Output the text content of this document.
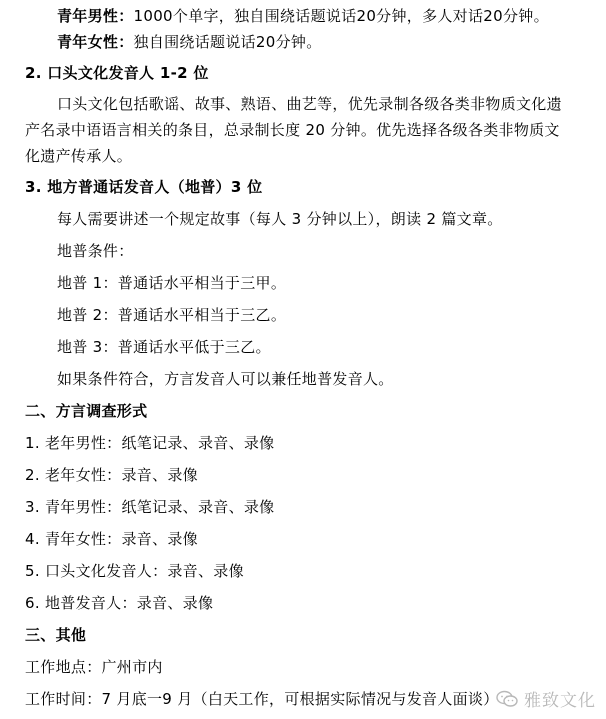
青年男性：1000个单字，独自围绕话题说话20分钟，多人对话20分钟。
青年女性：独自围绕话题说话20分钟。
2. 口头文化发音人 1-2 位
口头文化包括歌谣、故事、熟语、曲艺等，优先录制各级各类非物质文化遗
产名录中语语言相关的条目，总录制长度 20 分钟。优先选择各级各类非物质文
化遗产传承人。
3. 地方普通话发音人（地普）3 位
每人需要讲述一个规定故事（每人 3 分钟以上），朗读 2 篇文章。
地普条件：
地普 1：普通话水平相当于三甲。
地普 2：普通话水平相当于三乙。
地普 3：普通话水平低于三乙。
如果条件符合，方言发音人可以兼任地普发音人。
二、方言调查形式
1. 老年男性：纸笔记录、录音、录像
2. 老年女性：录音、录像
3. 青年男性：纸笔记录、录音、录像
4. 青年女性：录音、录像
5. 口头文化发音人：录音、录像
6. 地普发音人：录音、录像
三、其他
工作地点：广州市内
工作时间：7 月底一9 月（白天工作，可根据实际情况与发音人面谈） 雅致文化
